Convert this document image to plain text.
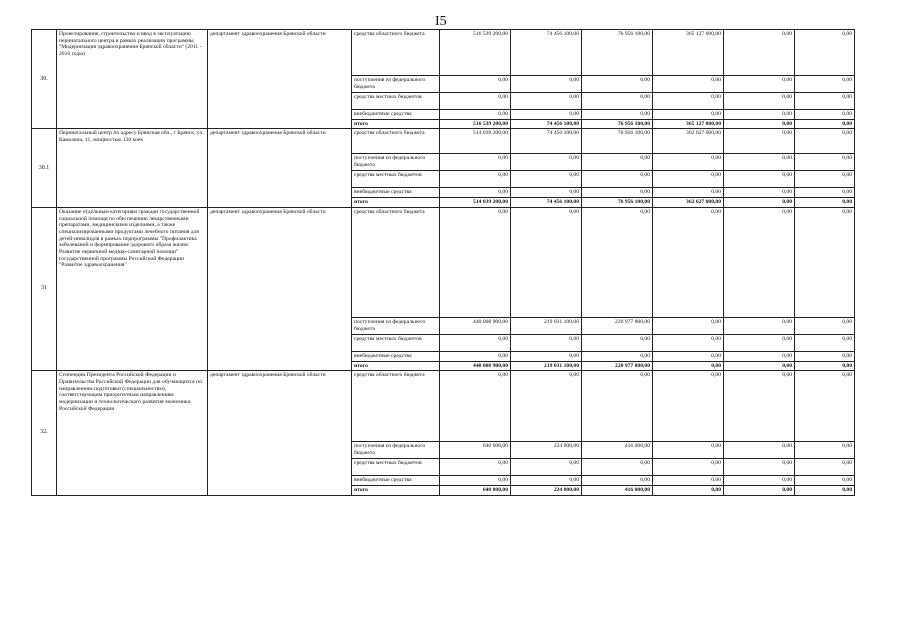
I5
30.	Проектирование, строительство и ввод в эксплуатацию перинатального центра в рамках реализации программы "Модернизация здравоохранения Брянской области" (2011 - 2016 годы)	департамент здравоохранения Брянской области	средства областного бюджета	516 539 200,00	74 456 100,00	76 956 100,00	365 127 000,00	0,00	0,00
			поступления из федерального бюджета	0,00	0,00	0,00	0,00	0,00	0,00
			средства местных бюджетов	0,00	0,00	0,00	0,00	0,00	0,00
			внебюджетные средства	0,00	0,00	0,00	0,00	0,00	0,00
			итого	516 539 200,00	74 456 100,00	76 956 100,00	365 127 000,00	0,00	0,00
30.1	Перинатальный центр по адресу Брянская обл., г Брянск, ул. Камозина, 11, мощностью 130 коек	департамент здравоохранения Брянской области	средства областного бюджета	514 039 200,00	74 456 100,00	76 956 100,00	362 627 000,00	0,00	0,00
			поступления из федерального бюджета	0,00	0,00	0,00	0,00	0,00	0,00
			средства местных бюджетов	0,00	0,00	0,00	0,00	0,00	0,00
			внебюджетные средства	0,00	0,00	0,00	0,00	0,00	0,00
			итого	514 039 200,00	74 456 100,00	76 956 100,00	362 627 000,00	0,00	0,00
31	Оказание отдельным категориям граждан государственной социальной помощи по обеспечению лекарственными препаратами, медицинскими изделиями, а также специализированными продуктами лечебного питания для детей-инвалидов в рамках подпрограммы "Профилактика заболеваний и формирование здорового образа жизни. Развитие первичной медико-санитарной помощи" государственной программы Российской Федерации "Развитие здравоохранения"	департамент здравоохранения Брянской области	средства областного бюджета	0,00	0,00	0,00	0,00	0,00	0,00
			поступления из федерального бюджета	440 008 900,00	219 031 100,00	220 977 800,00	0,00	0,00	0,00
			средства местных бюджетов	0,00	0,00	0,00	0,00	0,00	0,00
			внебюджетные средства	0,00	0,00	0,00	0,00	0,00	0,00
			итого	440 008 900,00	219 031 100,00	220 977 800,00	0,00	0,00	0,00
32.	Стипендии Президента Российской Федерации и Правительства Российской Федерации для обучающихся по направлениям подготовки (специальностям), соответствующим приоритетным направлениям модернизации и технологического развития экономики Российской Федерации	департамент здравоохранения Брянской области	средства областного бюджета	0,00	0,00	0,00	0,00	0,00	0,00
			поступления из федерального бюджета	640 000,00	224 000,00	416 000,00	0,00	0,00	0,00
			средства местных бюджетов	0,00	0,00	0,00	0,00	0,00	0,00
			внебюджетные средства	0,00	0,00	0,00	0,00	0,00	0,00
			итого	640 000,00	224 000,00	416 000,00	0,00	0,00	0,00
